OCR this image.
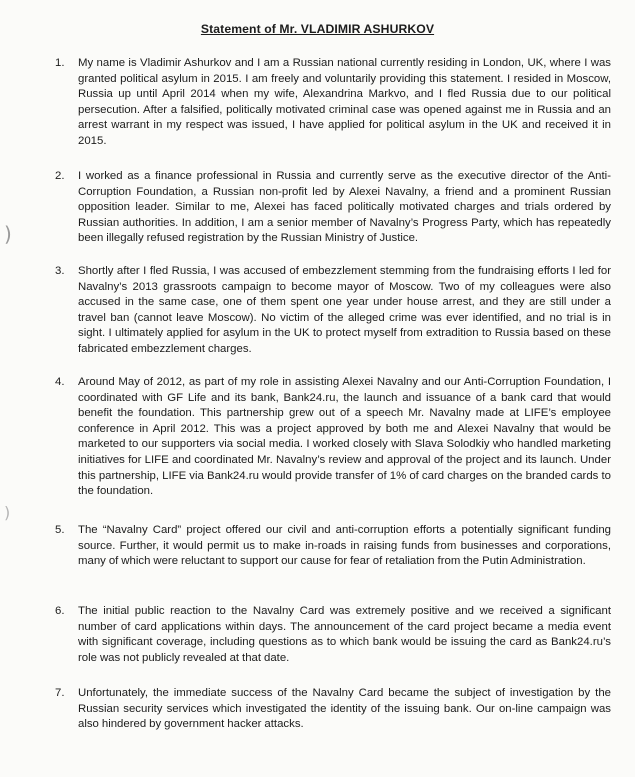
Statement of Mr. VLADIMIR ASHURKOV
1.	My name is Vladimir Ashurkov and I am a Russian national currently residing in London, UK, where I was granted political asylum in 2015. I am freely and voluntarily providing this statement. I resided in Moscow, Russia up until April 2014 when my wife, Alexandrina Markvo, and I fled Russia due to our political persecution. After a falsified, politically motivated criminal case was opened against me in Russia and an arrest warrant in my respect was issued, I have applied for political asylum in the UK and received it in 2015.
2.	I worked as a finance professional in Russia and currently serve as the executive director of the Anti-Corruption Foundation, a Russian non-profit led by Alexei Navalny, a friend and a prominent Russian opposition leader. Similar to me, Alexei has faced politically motivated charges and trials ordered by Russian authorities. In addition, I am a senior member of Navalny’s Progress Party, which has repeatedly been illegally refused registration by the Russian Ministry of Justice.
3.	Shortly after I fled Russia, I was accused of embezzlement stemming from the fundraising efforts I led for Navalny’s 2013 grassroots campaign to become mayor of Moscow. Two of my colleagues were also accused in the same case, one of them spent one year under house arrest, and they are still under a travel ban (cannot leave Moscow). No victim of the alleged crime was ever identified, and no trial is in sight. I ultimately applied for asylum in the UK to protect myself from extradition to Russia based on these fabricated embezzlement charges.
4.	Around May of 2012, as part of my role in assisting Alexei Navalny and our Anti-Corruption Foundation, I coordinated with GF Life and its bank, Bank24.ru, the launch and issuance of a bank card that would benefit the foundation. This partnership grew out of a speech Mr. Navalny made at LIFE’s employee conference in April 2012. This was a project approved by both me and Alexei Navalny that would be marketed to our supporters via social media. I worked closely with Slava Solodkiy who handled marketing initiatives for LIFE and coordinated Mr. Navalny’s review and approval of the project and its launch. Under this partnership, LIFE via Bank24.ru would provide transfer of 1% of card charges on the branded cards to the foundation.
5.	The “Navalny Card” project offered our civil and anti-corruption efforts a potentially significant funding source. Further, it would permit us to make in-roads in raising funds from businesses and corporations, many of which were reluctant to support our cause for fear of retaliation from the Putin Administration.
6.	The initial public reaction to the Navalny Card was extremely positive and we received a significant number of card applications within days. The announcement of the card project became a media event with significant coverage, including questions as to which bank would be issuing the card as Bank24.ru’s role was not publicly revealed at that date.
7.	Unfortunately, the immediate success of the Navalny Card became the subject of investigation by the Russian security services which investigated the identity of the issuing bank. Our on-line campaign was also hindered by government hacker attacks.
)
)
